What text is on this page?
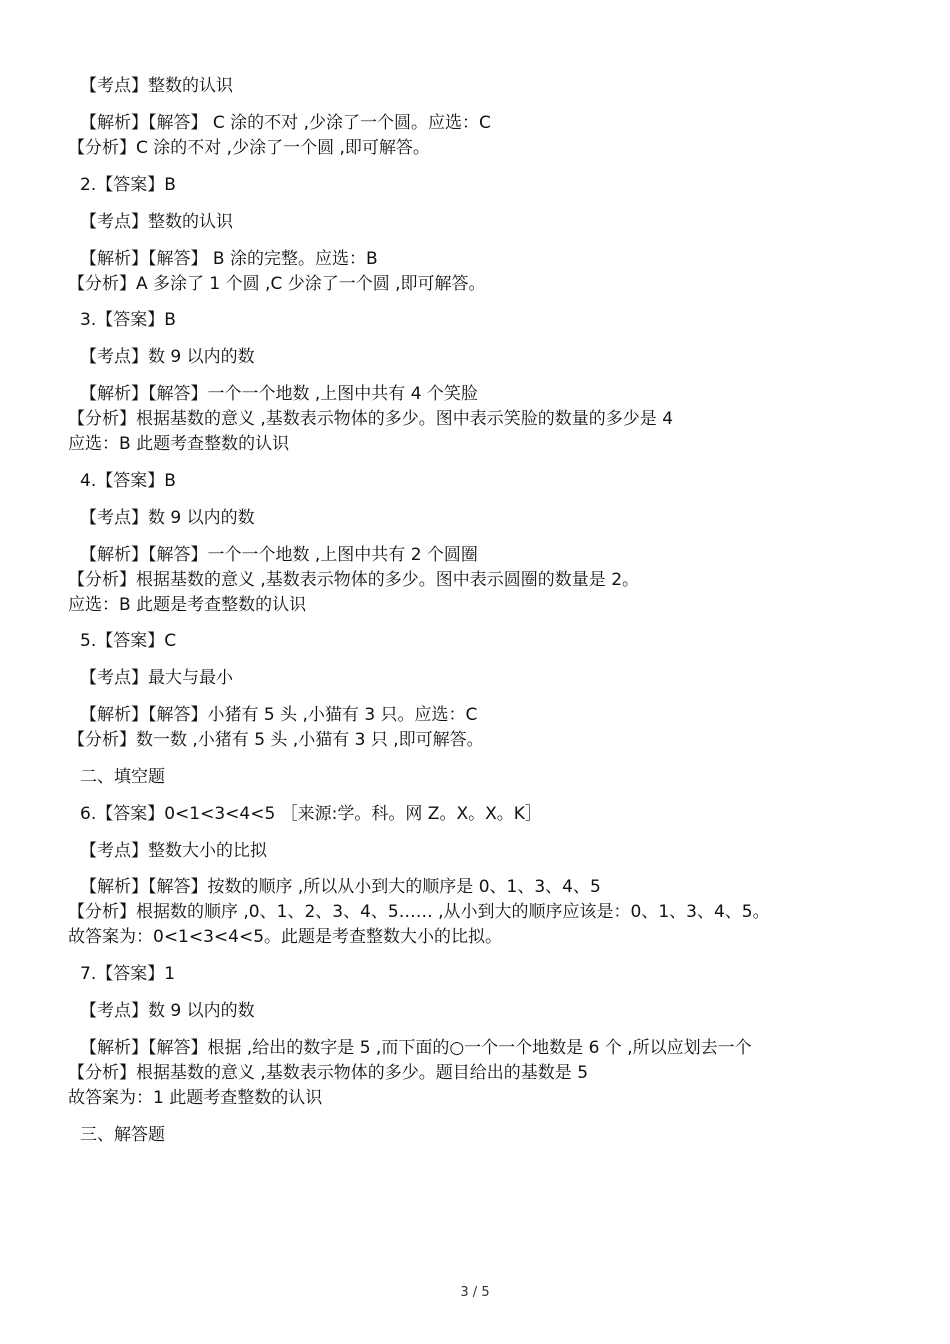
【考点】整数的认识
【解析】【解答】 C 涂的不对 ,少涂了一个圆。应选：C
【分析】C 涂的不对 ,少涂了一个圆 ,即可解答。
2.【答案】B
【考点】整数的认识
【解析】【解答】 B 涂的完整。应选：B
【分析】A 多涂了 1 个圆 ,C 少涂了一个圆 ,即可解答。
3.【答案】B
【考点】数 9 以内的数
【解析】【解答】一个一个地数 ,上图中共有 4 个笑脸
【分析】根据基数的意义 ,基数表示物体的多少。图中表示笑脸的数量的多少是 4
应选：B 此题考查整数的认识
4.【答案】B
【考点】数 9 以内的数
【解析】【解答】一个一个地数 ,上图中共有 2 个圆圈
【分析】根据基数的意义 ,基数表示物体的多少。图中表示圆圈的数量是 2。
应选：B 此题是考查整数的认识
5.【答案】C
【考点】最大与最小
【解析】【解答】小猪有 5 头 ,小猫有 3 只。应选：C
【分析】数一数 ,小猪有 5 头 ,小猫有 3 只 ,即可解答。
二、填空题
6.【答案】0<1<3<4<5 ［来源:学。科。网 Z。X。X。K］
【考点】整数大小的比拟
【解析】【解答】按数的顺序 ,所以从小到大的顺序是 0、1、3、4、5
【分析】根据数的顺序 ,0、1、2、3、4、5…… ,从小到大的顺序应该是：0、1、3、4、5。
故答案为：0<1<3<4<5。此题是考查整数大小的比拟。
7.【答案】1
【考点】数 9 以内的数
【解析】【解答】根据 ,给出的数字是 5 ,而下面的○一个一个地数是 6 个 ,所以应划去一个
【分析】根据基数的意义 ,基数表示物体的多少。题目给出的基数是 5
故答案为：1 此题考查整数的认识
三、解答题
3 / 5
